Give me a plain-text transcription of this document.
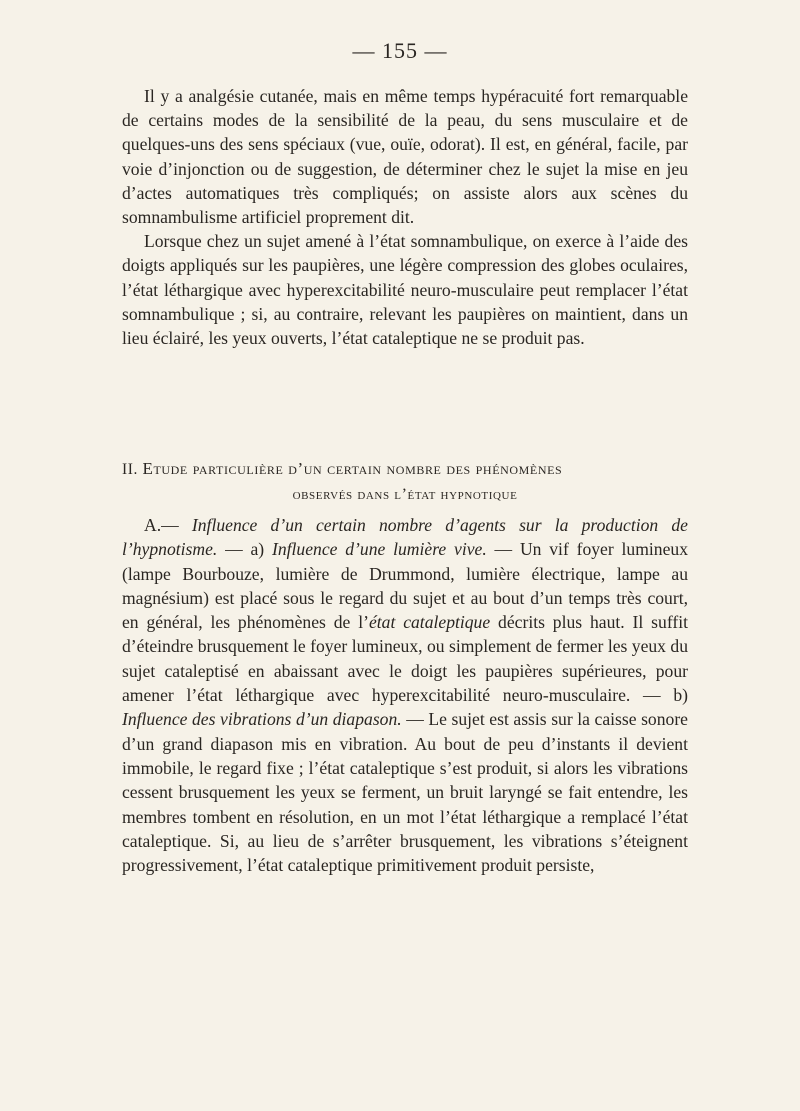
— 155 —

Il y a analgésie cutanée, mais en même temps hypéracuité fort remarquable de certains modes de la sensibilité de la peau, du sens musculaire et de quelques-uns des sens spéciaux (vue, ouïe, odorat). Il est, en général, facile, par voie d’injonction ou de suggestion, de déterminer chez le sujet la mise en jeu d’actes automatiques très compliqués; on assiste alors aux scènes du somnambulisme artificiel proprement dit.

Lorsque chez un sujet amené à l’état somnambulique, on exerce à l’aide des doigts appliqués sur les paupières, une légère compression des globes oculaires, l’état léthargique avec hyperexcitabilité neuro-musculaire peut remplacer l’état somnambulique ; si, au contraire, relevant les paupières on maintient, dans un lieu éclairé, les yeux ouverts, l’état cataleptique ne se produit pas.

II. Etude particulière d’un certain nombre des phénomènes
observés dans l’état hypnotique

A.— Influence d’un certain nombre d’agents sur la production de l’hypnotisme. — a) Influence d’une lumière vive. — Un vif foyer lumineux (lampe Bourbouze, lumière de Drummond, lumière électrique, lampe au magnésium) est placé sous le regard du sujet et au bout d’un temps très court, en général, les phénomènes de l’état cataleptique décrits plus haut. Il suffit d’éteindre brusquement le foyer lumineux, ou simplement de fermer les yeux du sujet cataleptisé en abaissant avec le doigt les paupières supérieures, pour amener l’état léthargique avec hyperexcitabilité neuro-musculaire. — b) Influence des vibrations d’un diapason. — Le sujet est assis sur la caisse sonore d’un grand diapason mis en vibration. Au bout de peu d’instants il devient immobile, le regard fixe ; l’état cataleptique s’est produit, si alors les vibrations cessent brusquement les yeux se ferment, un bruit laryngé se fait entendre, les membres tombent en résolution, en un mot l’état léthargique a remplacé l’état cataleptique. Si, au lieu de s’arrêter brusquement, les vibrations s’éteignent progressivement, l’état cataleptique primitivement produit persiste,
